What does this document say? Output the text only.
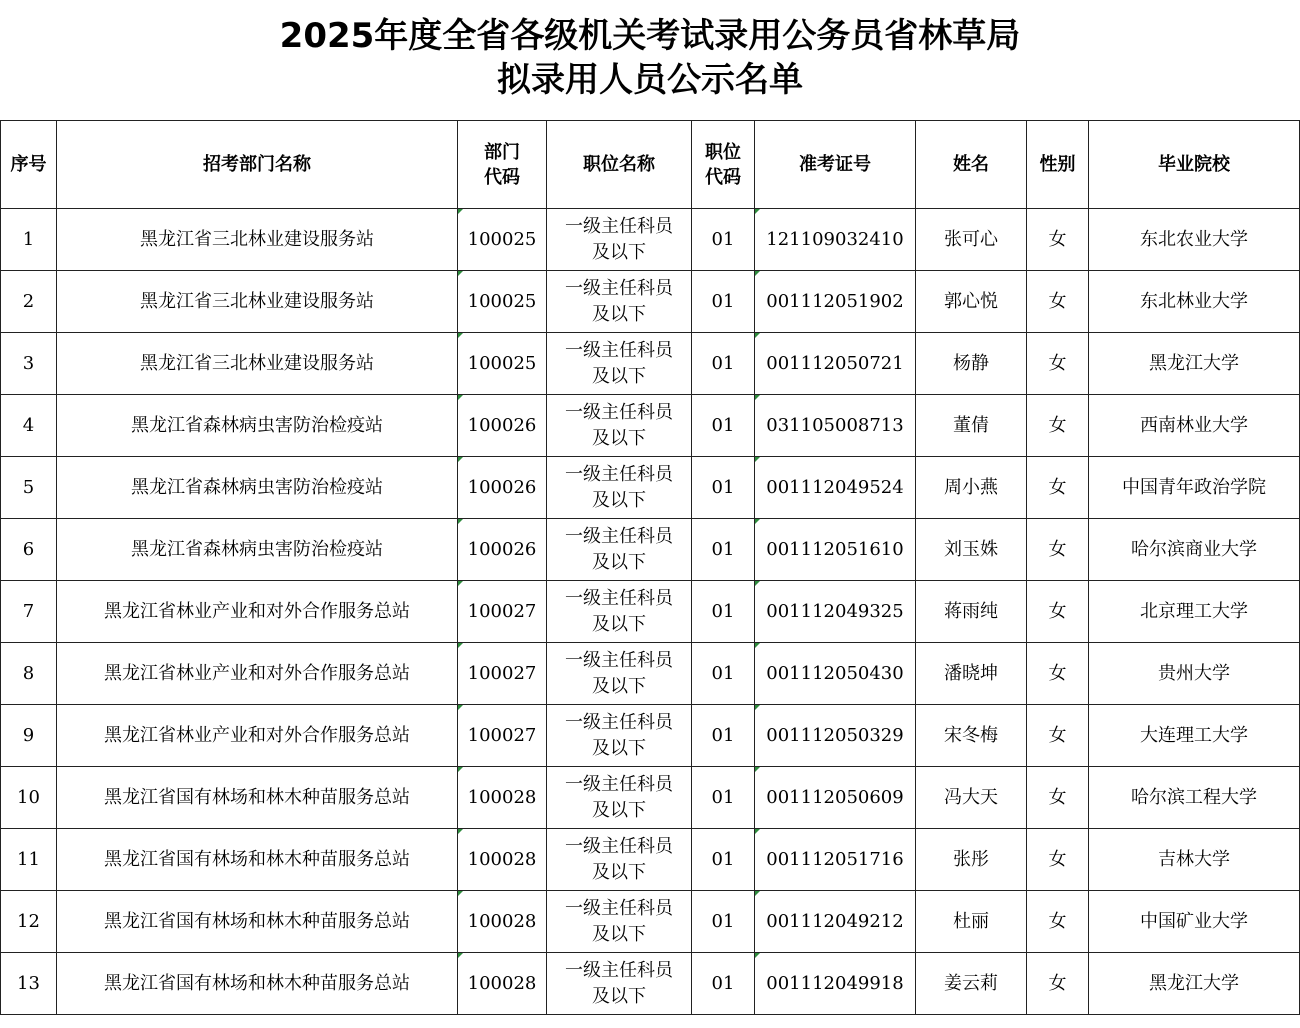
2025年度全省各级机关考试录用公务员省林草局
拟录用人员公示名单
序号	招考部门名称	部门代码	职位名称	职位代码	准考证号	姓名	性别	毕业院校
1	黑龙江省三北林业建设服务站	100025	一级主任科员及以下	01	121109032410	张可心	女	东北农业大学
2	黑龙江省三北林业建设服务站	100025	一级主任科员及以下	01	001112051902	郭心悦	女	东北林业大学
3	黑龙江省三北林业建设服务站	100025	一级主任科员及以下	01	001112050721	杨静	女	黑龙江大学
4	黑龙江省森林病虫害防治检疫站	100026	一级主任科员及以下	01	031105008713	董倩	女	西南林业大学
5	黑龙江省森林病虫害防治检疫站	100026	一级主任科员及以下	01	001112049524	周小燕	女	中国青年政治学院
6	黑龙江省森林病虫害防治检疫站	100026	一级主任科员及以下	01	001112051610	刘玉姝	女	哈尔滨商业大学
7	黑龙江省林业产业和对外合作服务总站	100027	一级主任科员及以下	01	001112049325	蒋雨纯	女	北京理工大学
8	黑龙江省林业产业和对外合作服务总站	100027	一级主任科员及以下	01	001112050430	潘晓坤	女	贵州大学
9	黑龙江省林业产业和对外合作服务总站	100027	一级主任科员及以下	01	001112050329	宋冬梅	女	大连理工大学
10	黑龙江省国有林场和林木种苗服务总站	100028	一级主任科员及以下	01	001112050609	冯大天	女	哈尔滨工程大学
11	黑龙江省国有林场和林木种苗服务总站	100028	一级主任科员及以下	01	001112051716	张彤	女	吉林大学
12	黑龙江省国有林场和林木种苗服务总站	100028	一级主任科员及以下	01	001112049212	杜丽	女	中国矿业大学
13	黑龙江省国有林场和林木种苗服务总站	100028	一级主任科员及以下	01	001112049918	姜云莉	女	黑龙江大学
